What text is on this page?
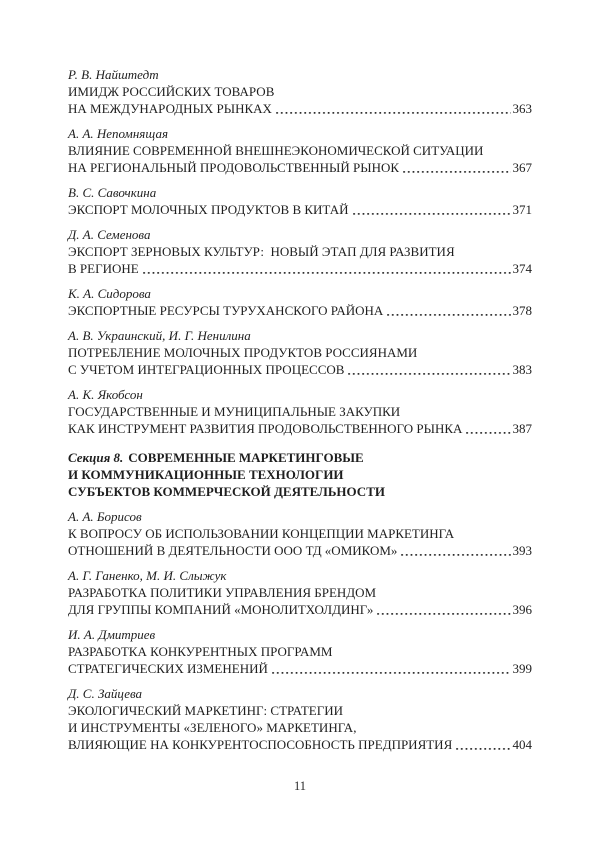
Р. В. Найштедт
ИМИДЖ РОССИЙСКИХ ТОВАРОВ
НА МЕЖДУНАРОДНЫХ РЫНКАХ	363
А. А. Непомнящая
ВЛИЯНИЕ СОВРЕМЕННОЙ ВНЕШНЕЭКОНОМИЧЕСКОЙ СИТУАЦИИ
НА РЕГИОНАЛЬНЫЙ ПРОДОВОЛЬСТВЕННЫЙ РЫНОК	367
В. С. Савочкина
ЭКСПОРТ МОЛОЧНЫХ ПРОДУКТОВ В КИТАЙ	371
Д. А. Семенова
ЭКСПОРТ ЗЕРНОВЫХ КУЛЬТУР:  НОВЫЙ ЭТАП ДЛЯ РАЗВИТИЯ
В РЕГИОНЕ	374
К. А. Сидорова
ЭКСПОРТНЫЕ РЕСУРСЫ ТУРУХАНСКОГО РАЙОНА	378
А. В. Украинский, И. Г. Ненилина
ПОТРЕБЛЕНИЕ МОЛОЧНЫХ ПРОДУКТОВ РОССИЯНАМИ
С УЧЕТОМ ИНТЕГРАЦИОННЫХ ПРОЦЕССОВ	383
А. К. Якобсон
ГОСУДАРСТВЕННЫЕ И МУНИЦИПАЛЬНЫЕ ЗАКУПКИ
КАК ИНСТРУМЕНТ РАЗВИТИЯ ПРОДОВОЛЬСТВЕННОГО РЫНКА	387
Секция 8. СОВРЕМЕННЫЕ МАРКЕТИНГОВЫЕ
И КОММУНИКАЦИОННЫЕ ТЕХНОЛОГИИ
СУБЪЕКТОВ КОММЕРЧЕСКОЙ ДЕЯТЕЛЬНОСТИ
А. А. Борисов
К ВОПРОСУ ОБ ИСПОЛЬЗОВАНИИ КОНЦЕПЦИИ МАРКЕТИНГА
ОТНОШЕНИЙ В ДЕЯТЕЛЬНОСТИ ООО ТД «ОМИКОМ»	393
А. Г. Ганенко, М. И. Слыжук
РАЗРАБОТКА ПОЛИТИКИ УПРАВЛЕНИЯ БРЕНДОМ
ДЛЯ ГРУППЫ КОМПАНИЙ «МОНОЛИТХОЛДИНГ»	396
И. А. Дмитриев
РАЗРАБОТКА КОНКУРЕНТНЫХ ПРОГРАММ
СТРАТЕГИЧЕСКИХ ИЗМЕНЕНИЙ	399
Д. С. Зайцева
ЭКОЛОГИЧЕСКИЙ МАРКЕТИНГ: СТРАТЕГИИ
И ИНСТРУМЕНТЫ «ЗЕЛЕНОГО» МАРКЕТИНГА,
ВЛИЯЮЩИЕ НА КОНКУРЕНТОСПОСОБНОСТЬ ПРЕДПРИЯТИЯ	404
11
